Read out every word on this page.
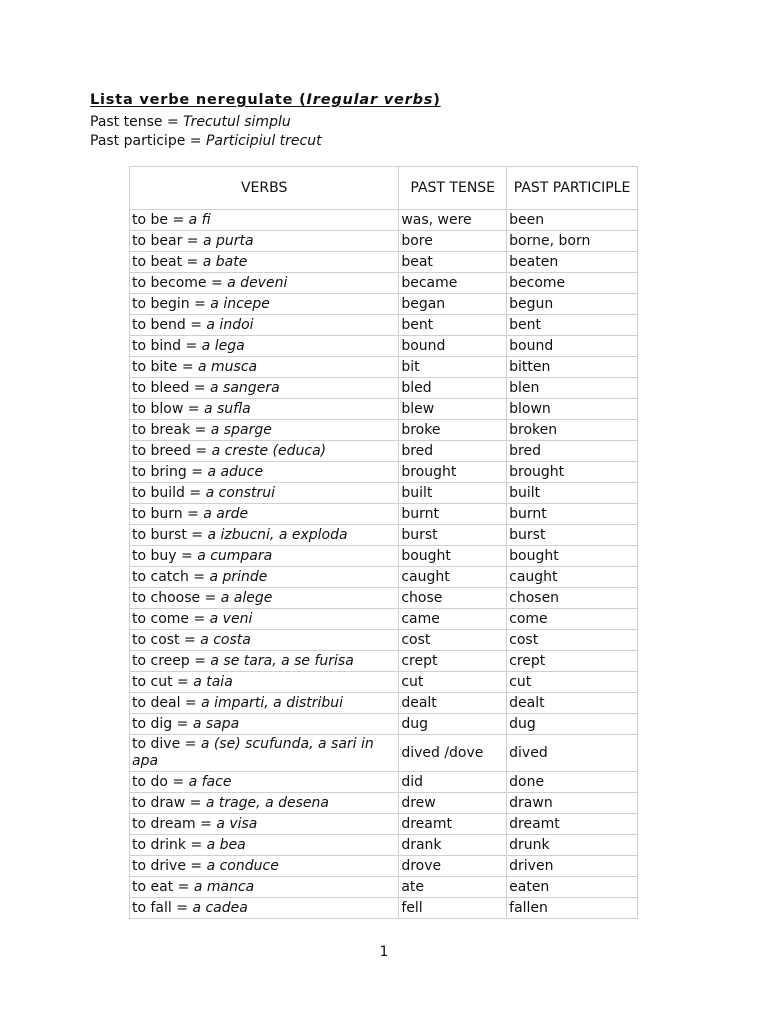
Lista verbe neregulate (Iregular verbs)

Past tense = Trecutul simplu

Past participe = Participiul trecut

VERBS	PAST TENSE	PAST PARTICIPLE
to be = a fi	was, were	been
to bear = a purta	bore	borne, born
to beat = a bate	beat	beaten
to become = a deveni	became	become
to begin = a incepe	began	begun
to bend = a indoi	bent	bent
to bind = a lega	bound	bound
to bite = a musca	bit	bitten
to bleed = a sangera	bled	blen
to blow = a sufla	blew	blown
to break = a sparge	broke	broken
to breed = a creste (educa)	bred	bred
to bring = a aduce	brought	brought
to build = a construi	built	built
to burn = a arde	burnt	burnt
to burst = a izbucni, a exploda	burst	burst
to buy = a cumpara	bought	bought
to catch = a prinde	caught	caught
to choose = a alege	chose	chosen
to come = a veni	came	come
to cost = a costa	cost	cost
to creep = a se tara, a se furisa	crept	crept
to cut = a taia	cut	cut
to deal = a imparti, a distribui	dealt	dealt
to dig = a sapa	dug	dug
to dive = a (se) scufunda, a sari in apa	dived /dove	dived
to do = a face	did	done
to draw = a trage, a desena	drew	drawn
to dream = a visa	dreamt	dreamt
to drink = a bea	drank	drunk
to drive = a conduce	drove	driven
to eat = a manca	ate	eaten
to fall = a cadea	fell	fallen
1
